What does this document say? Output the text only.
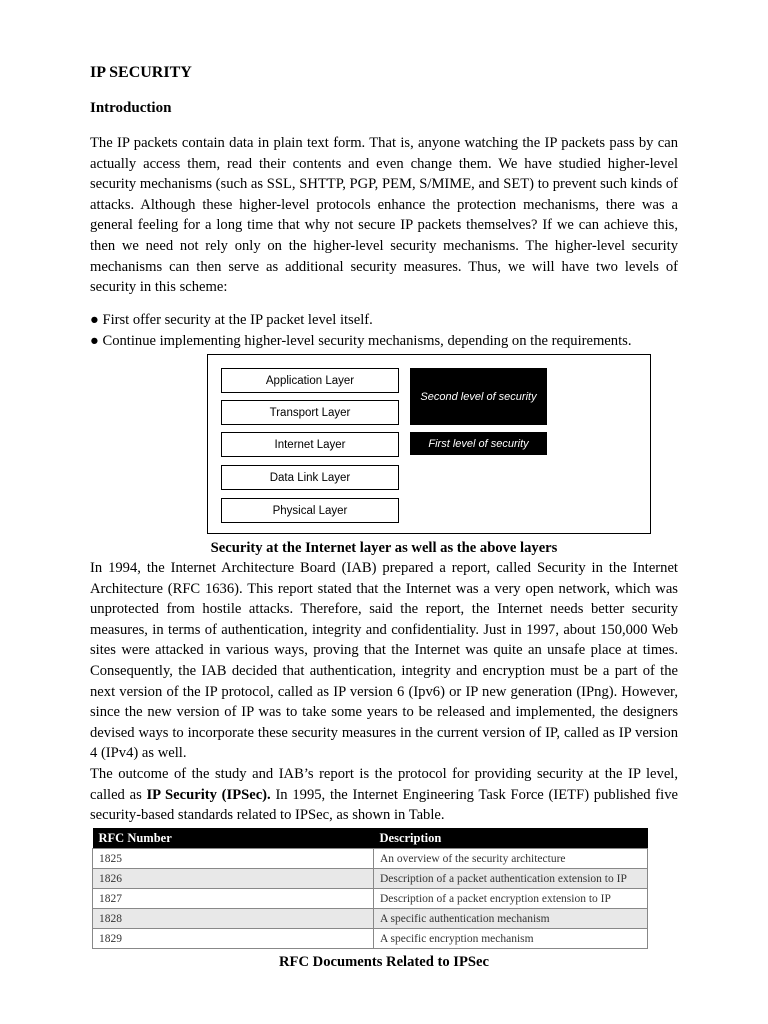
IP SECURITY
Introduction

The IP packets contain data in plain text form. That is, anyone watching the IP packets pass by can actually access them, read their contents and even change them. We have studied higher-level security mechanisms (such as SSL, SHTTP, PGP, PEM, S/MIME, and SET) to prevent such kinds of attacks. Although these higher-level protocols enhance the protection mechanisms, there was a general feeling for a long time that why not secure IP packets themselves? If we can achieve this, then we need not rely only on the higher-level security mechanisms. The higher-level security mechanisms can then serve as additional security measures. Thus, we will have two levels of security in this scheme:

● First offer security at the IP packet level itself.
● Continue implementing higher-level security mechanisms, depending on the requirements.
Application Layer
Transport Layer
Internet Layer
Data Link Layer
Physical Layer
Second level of security
First level of security

Security at the Internet layer as well as the above layers

In 1994, the Internet Architecture Board (IAB) prepared a report, called Security in the Internet Architecture (RFC 1636). This report stated that the Internet was a very open network, which was unprotected from hostile attacks. Therefore, said the report, the Internet needs better security measures, in terms of authentication, integrity and confidentiality. Just in 1997, about 150,000 Web sites were attacked in various ways, proving that the Internet was quite an unsafe place at times. Consequently, the IAB decided that authentication, integrity and encryption must be a part of the next version of the IP protocol, called as IP version 6 (Ipv6) or IP new generation (IPng). However, since the new version of IP was to take some years to be released and implemented, the designers devised ways to incorporate these security measures in the current version of IP, called as IP version 4 (IPv4) as well.

The outcome of the study and IAB’s report is the protocol for providing security at the IP level, called as IP Security (IPSec). In 1995, the Internet Engineering Task Force (IETF) published five security-based standards related to IPSec, as shown in Table.

RFC Number	Description
1825	An overview of the security architecture
1826	Description of a packet authentication extension to IP
1827	Description of a packet encryption extension to IP
1828	A specific authentication mechanism
1829	A specific encryption mechanism

RFC Documents Related to IPSec
